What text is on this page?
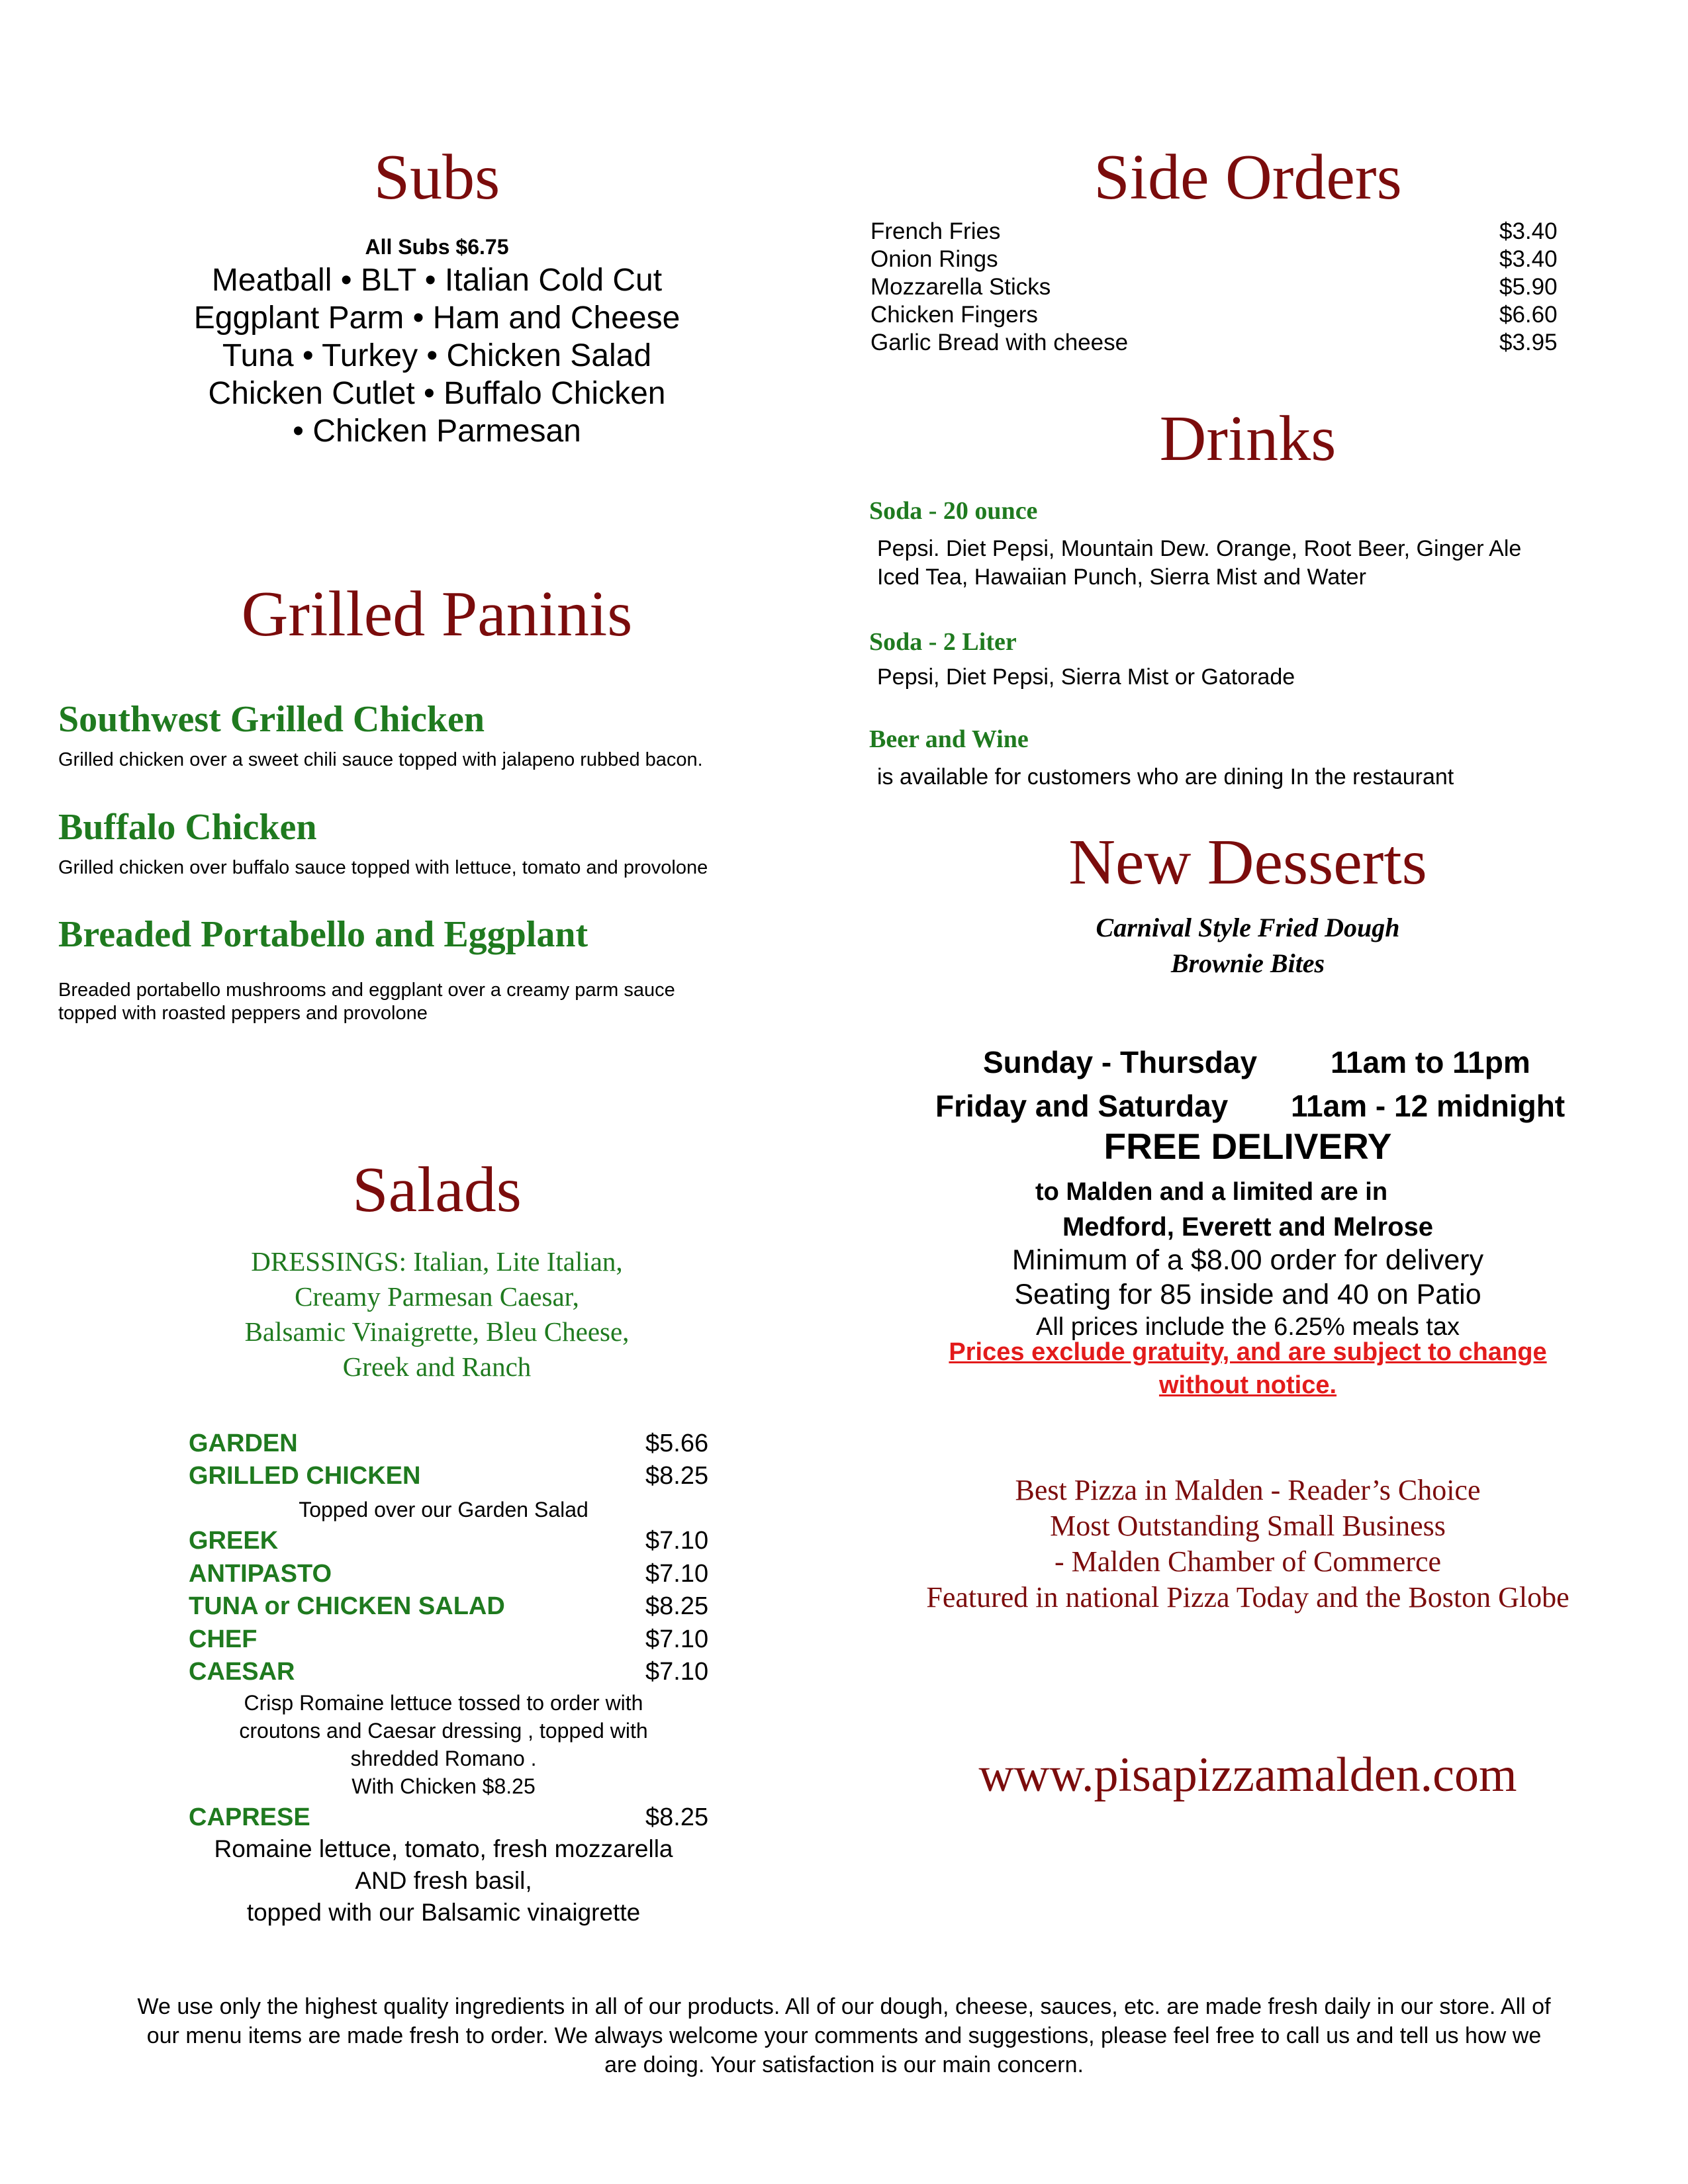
Subs
All Subs $6.75
Meatball • BLT • Italian Cold Cut
Eggplant Parm • Ham and Cheese
Tuna • Turkey • Chicken Salad
Chicken Cutlet • Buffalo Chicken
• Chicken Parmesan
Grilled Paninis
Southwest Grilled Chicken
Grilled chicken over a sweet chili sauce topped with jalapeno rubbed bacon.
Buffalo Chicken
Grilled chicken over buffalo sauce topped with lettuce, tomato and provolone
Breaded Portabello and Eggplant
Breaded portabello mushrooms and eggplant over a creamy parm sauce
topped with roasted peppers and provolone
Salads
DRESSINGS: Italian, Lite Italian,
Creamy Parmesan Caesar,
Balsamic Vinaigrette, Bleu Cheese,
Greek and Ranch
GARDEN	$5.66
GRILLED CHICKEN	$8.25
Topped over our Garden Salad
GREEK	$7.10
ANTIPASTO	$7.10
TUNA or CHICKEN SALAD	$8.25
CHEF	$7.10
CAESAR	$7.10
Crisp Romaine lettuce tossed to order with
croutons and Caesar dressing , topped with
shredded Romano .
With Chicken $8.25
CAPRESE	$8.25
Romaine lettuce, tomato, fresh mozzarella
AND fresh basil,
topped with our Balsamic vinaigrette
Side Orders
French Fries	$3.40
Onion Rings	$3.40
Mozzarella Sticks	$5.90
Chicken Fingers	$6.60
Garlic Bread with cheese	$3.95
Drinks
Soda - 20 ounce
Pepsi. Diet Pepsi, Mountain Dew. Orange, Root Beer, Ginger Ale
Iced Tea, Hawaiian Punch, Sierra Mist and Water
Soda - 2 Liter
Pepsi, Diet Pepsi, Sierra Mist or Gatorade
Beer and Wine
is available for customers who are dining In the restaurant
New Desserts
Carnival Style Fried Dough
Brownie Bites
Sunday - Thursday 11am to 11pm
Friday and Saturday 11am - 12 midnight
FREE DELIVERY
to Malden and a limited are in
Medford, Everett and Melrose
Minimum of a $8.00 order for delivery
Seating for 85 inside and 40 on Patio
All prices include the 6.25% meals tax
Prices exclude gratuity, and are subject to change
without notice.
Best Pizza in Malden - Reader’s Choice
Most Outstanding Small Business
- Malden Chamber of Commerce
Featured in national Pizza Today and the Boston Globe
www.pisapizzamalden.com
We use only the highest quality ingredients in all of our products. All of our dough, cheese, sauces, etc. are made fresh daily in our store. All of
our menu items are made fresh to order. We always welcome your comments and suggestions, please feel free to call us and tell us how we
are doing. Your satisfaction is our main concern.
